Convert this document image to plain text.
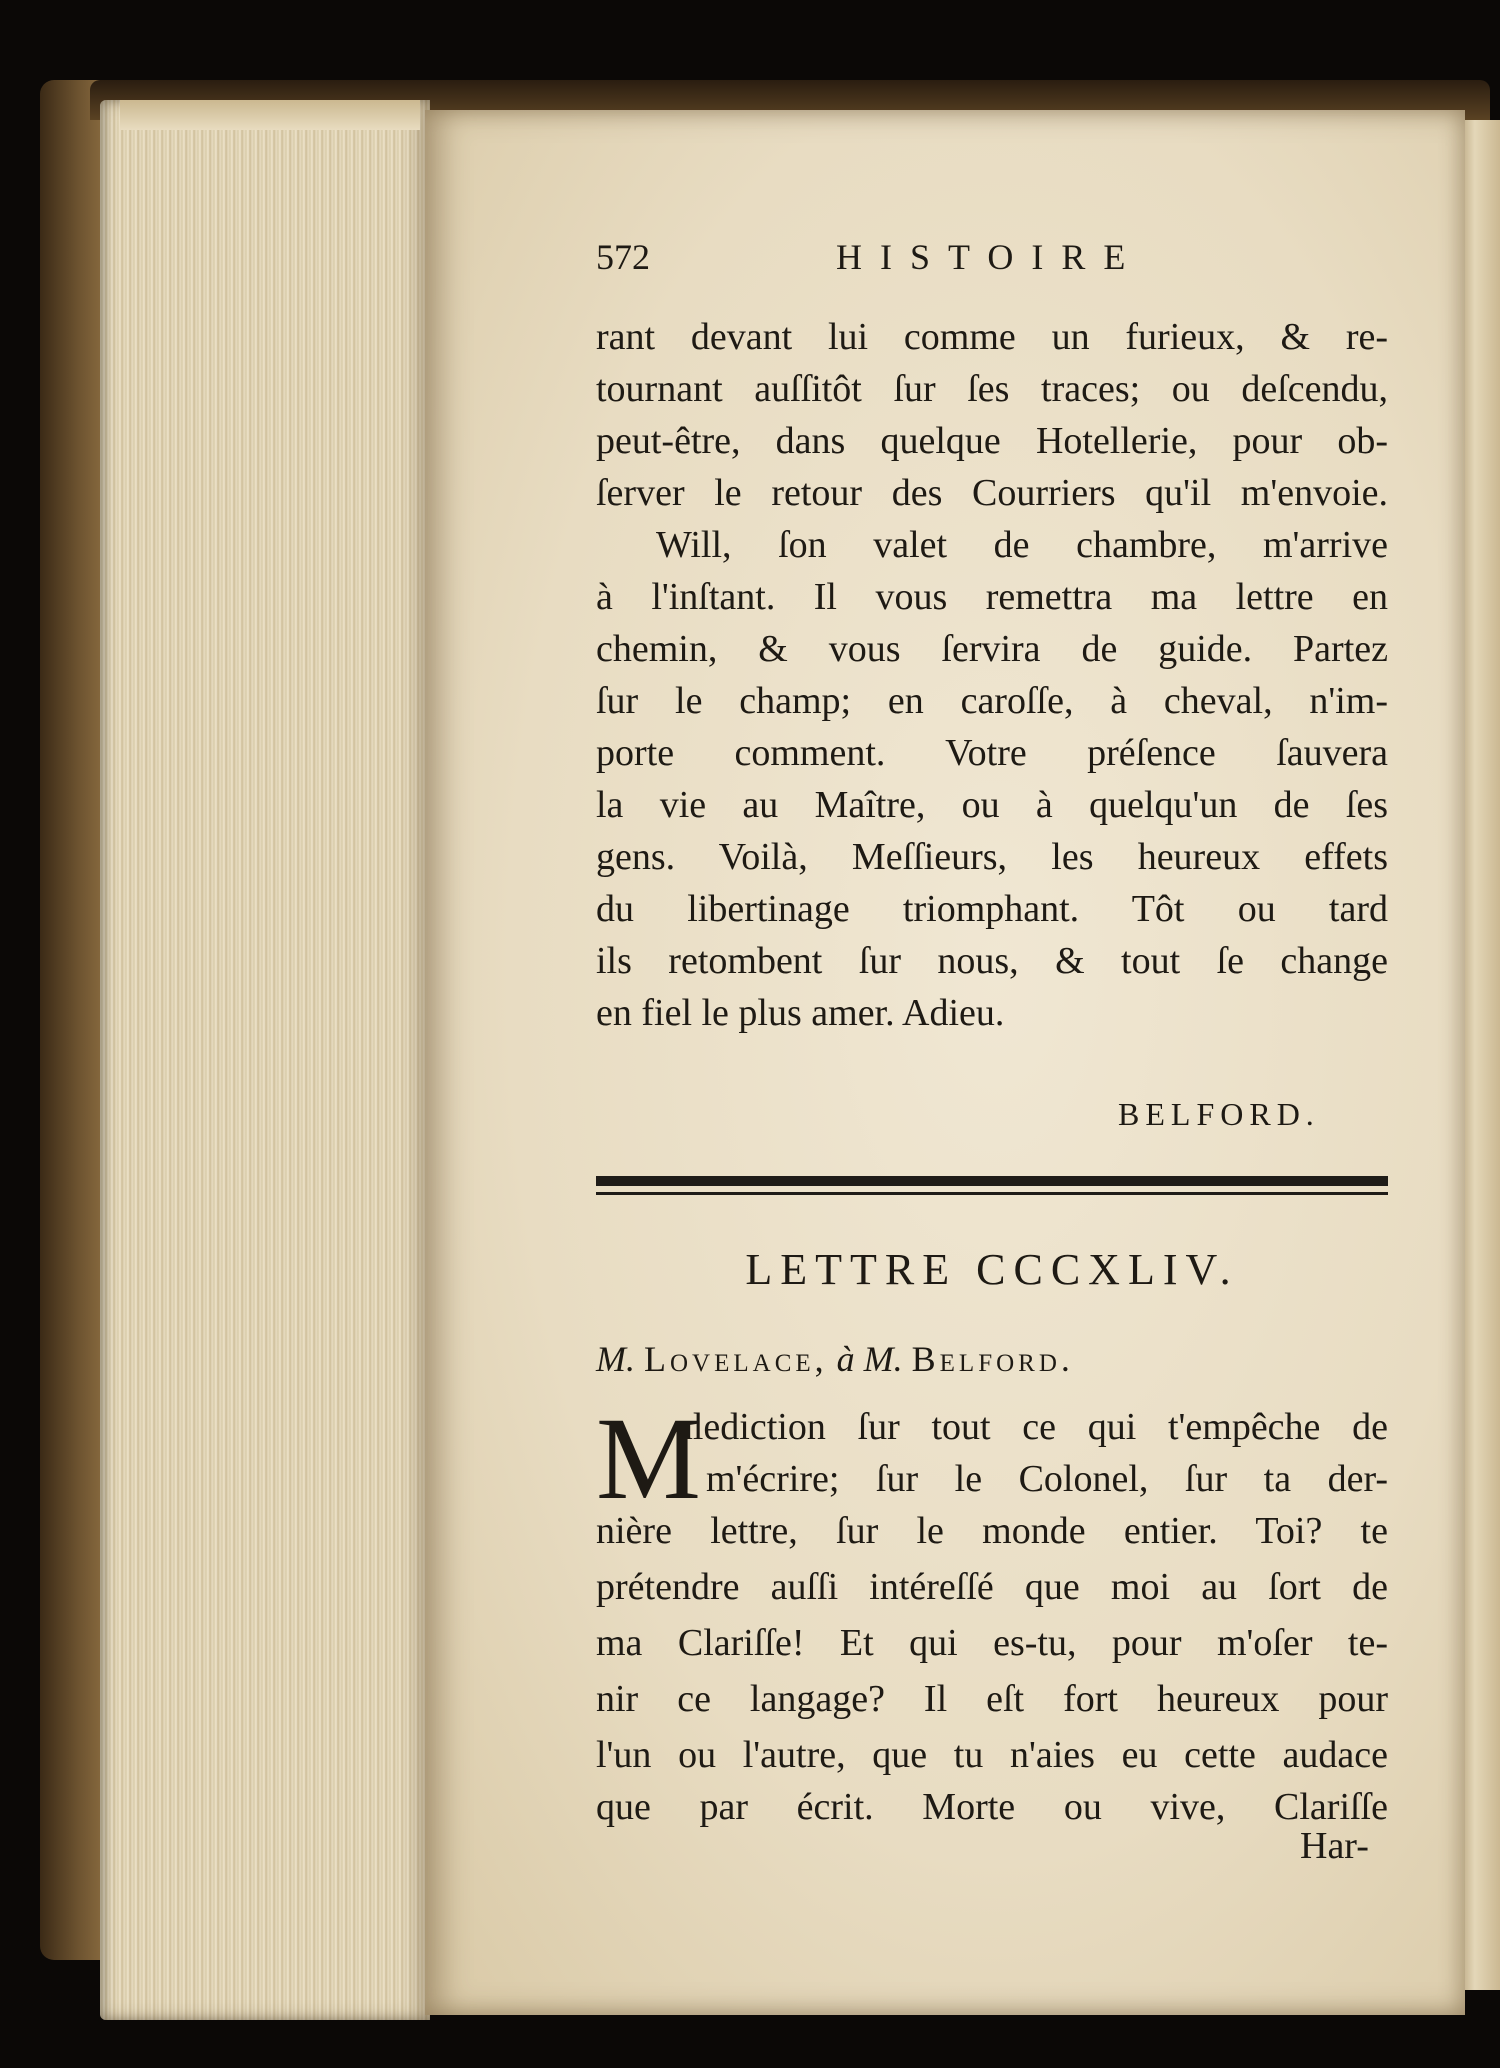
572	HISTOIRE
rant devant lui comme un furieux, & re-
tournant auſſitôt ſur ſes traces; ou deſcendu,
peut-être, dans quelque Hotellerie, pour ob-
ſerver le retour des Courriers qu'il m'envoie.
Will, ſon valet de chambre, m'arrive
à l'inſtant. Il vous remettra ma lettre en
chemin, & vous ſervira de guide. Partez
ſur le champ; en caroſſe, à cheval, n'im-
porte comment. Votre préſence ſauvera
la vie au Maître, ou à quelqu'un de ſes
gens. Voilà, Meſſieurs, les heureux effets
du libertinage triomphant. Tôt ou tard
ils retombent ſur nous, & tout ſe change
en fiel le plus amer. Adieu.
BELFORD.
LETTRE CCCXLIV.
M. Lovelace, à M. Belford.
M
alediction ſur tout ce qui t'empêche de
m'écrire; ſur le Colonel, ſur ta der-
nière lettre, ſur le monde entier. Toi? te
prétendre auſſi intéreſſé que moi au ſort de
ma Clariſſe! Et qui es-tu, pour m'oſer te-
nir ce langage? Il eſt fort heureux pour
l'un ou l'autre, que tu n'aies eu cette audace
que par écrit. Morte ou vive, Clariſſe
Har-
